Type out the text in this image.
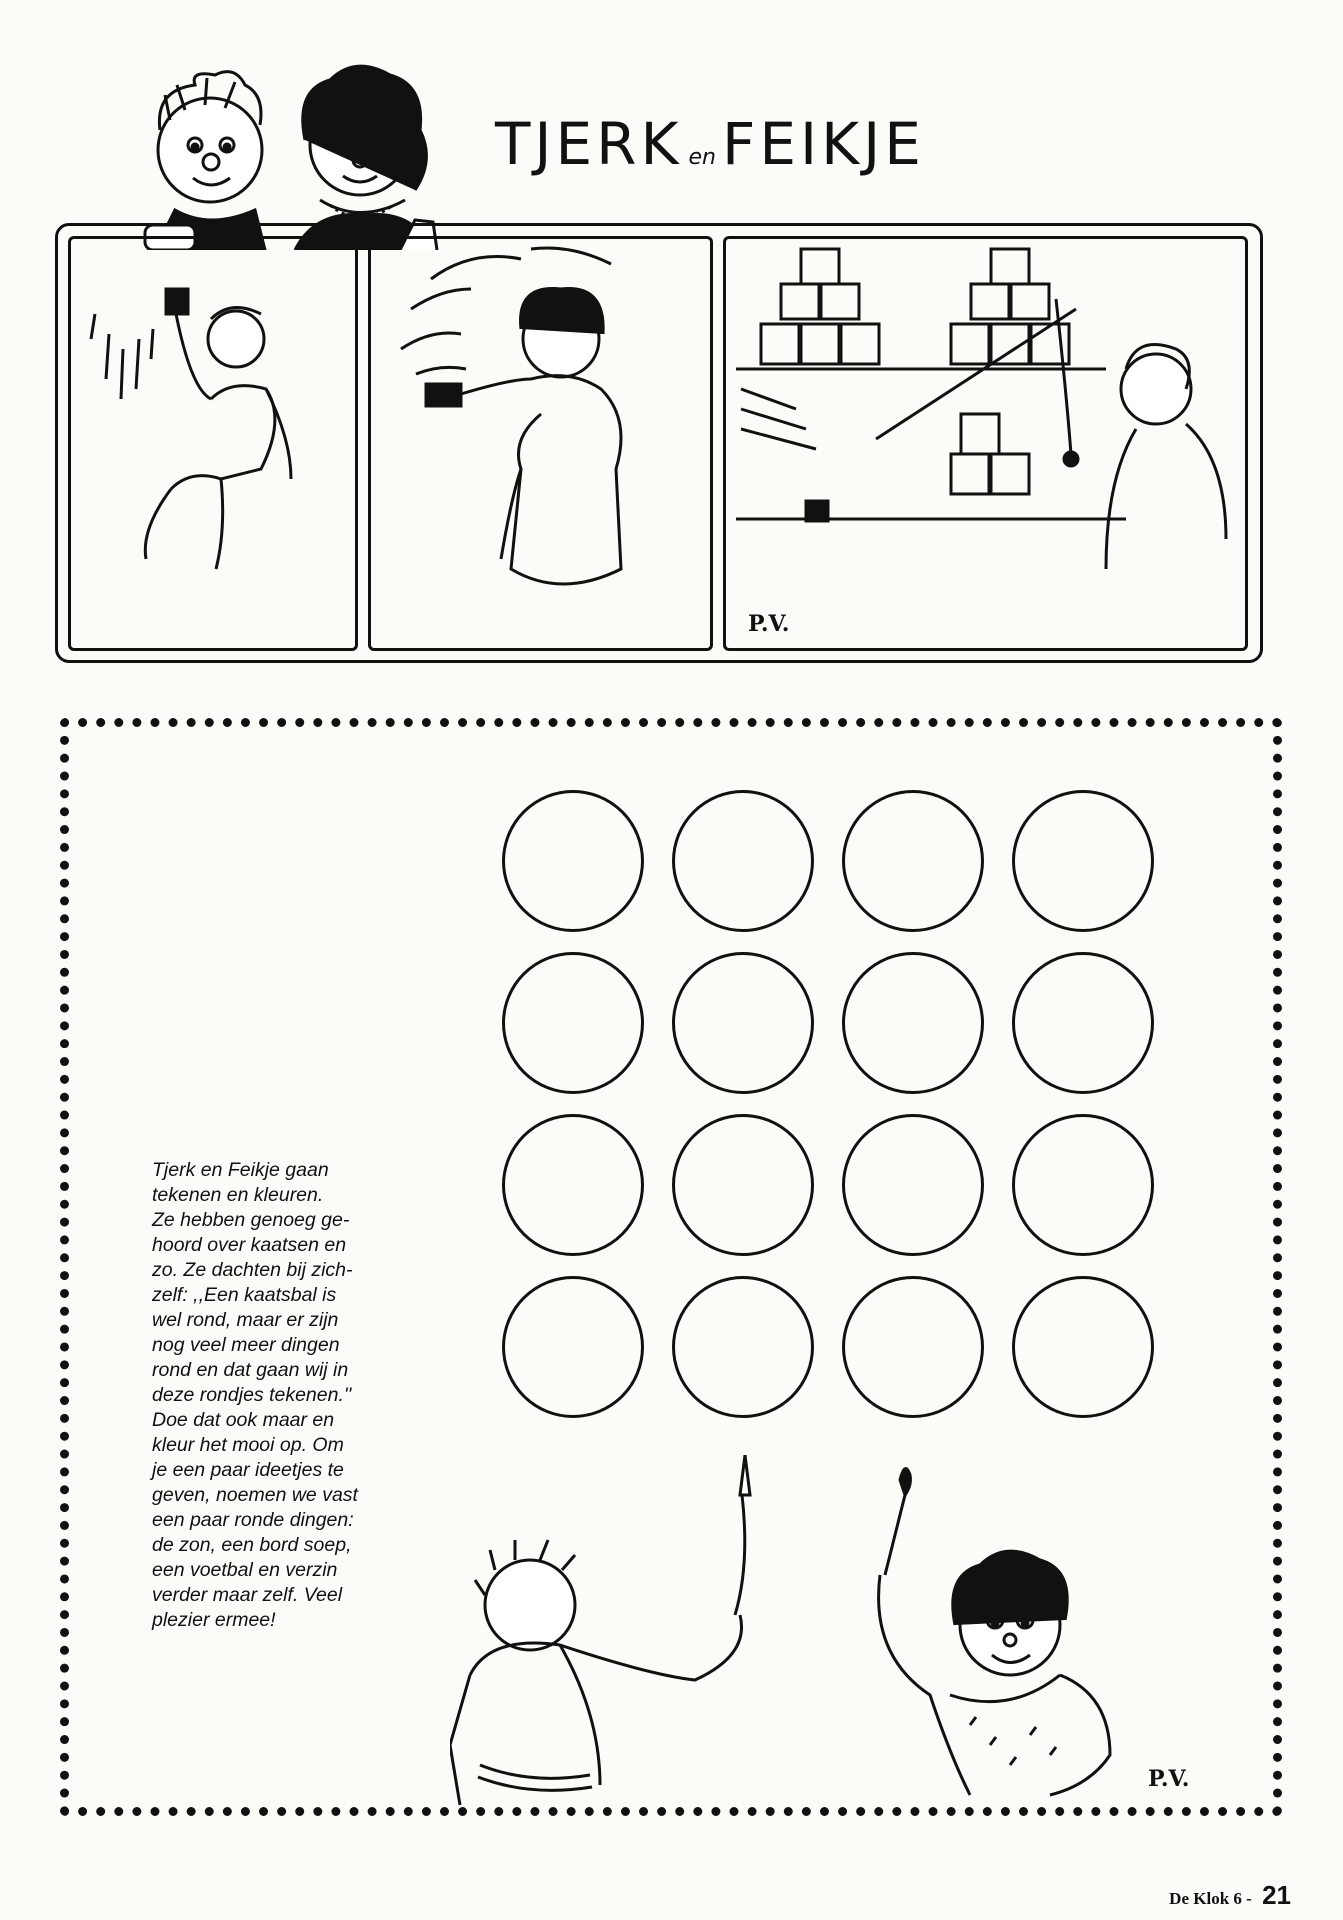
TJERK en FEIKJE
P.V.

Tjerk en Feikje gaan
tekenen en kleuren.
Ze hebben genoeg ge-
hoord over kaatsen en
zo. Ze dachten bij zich-
zelf: ,,Een kaatsbal is
wel rond, maar er zijn
nog veel meer dingen
rond en dat gaan wij in
deze rondjes tekenen.''
Doe dat ook maar en
kleur het mooi op. Om
je een paar ideetjes te
geven, noemen we vast
een paar ronde dingen:
de zon, een bord soep,
een voetbal en verzin
verder maar zelf. Veel
plezier ermee!

P.V.
De Klok 6 - 21
